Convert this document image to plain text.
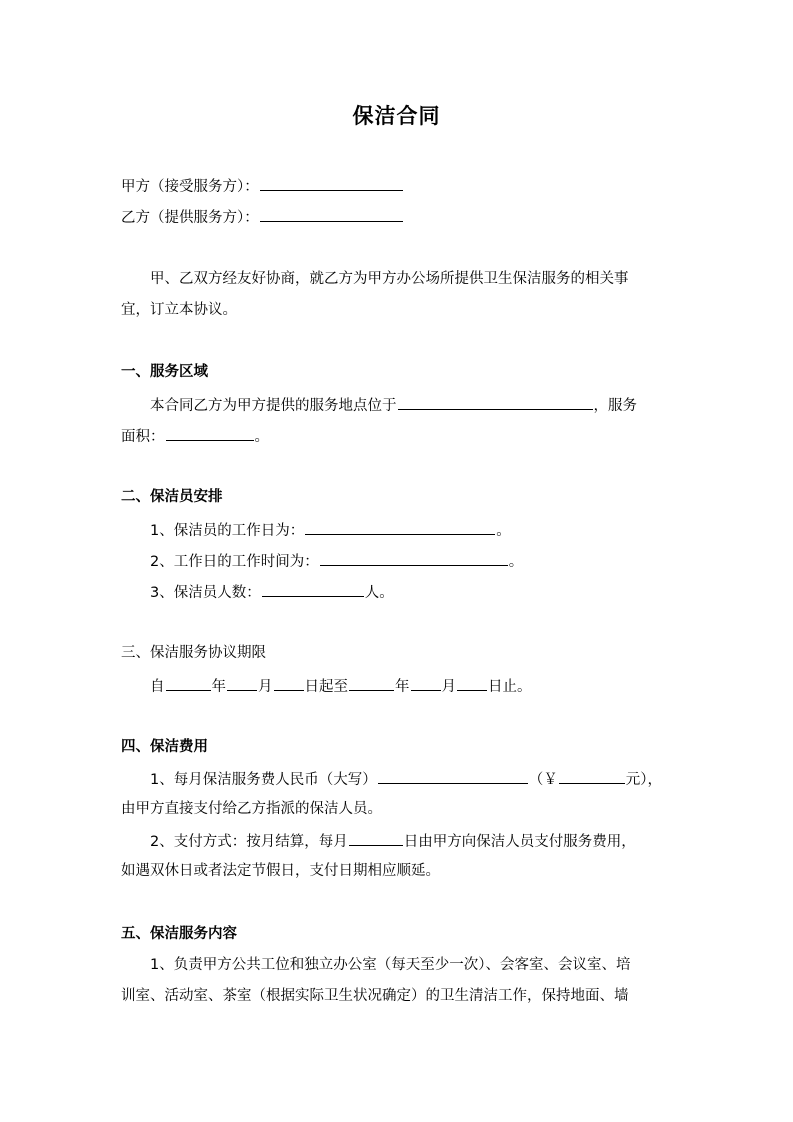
保洁合同
甲方（接受服务方）：
乙方（提供服务方）：
甲、乙双方经友好协商，就乙方为甲方办公场所提供卫生保洁服务的相关事
宜，订立本协议。
一、服务区域
本合同乙方为甲方提供的服务地点位于	，服务
面积：	。
二、保洁员安排
1、保洁员的工作日为：	。
2、工作日的工作时间为：	。
3、保洁员人数：	人。
三、保洁服务协议期限
自	年 月 日起至	年 月 日止。
四、保洁费用
1、每月保洁服务费人民币（大写）	（￥	元），
由甲方直接支付给乙方指派的保洁人员。
2、支付方式：按月结算，每月	日由甲方向保洁人员支付服务费用，
如遇双休日或者法定节假日，支付日期相应顺延。
五、保洁服务内容
1、负责甲方公共工位和独立办公室（每天至少一次）、会客室、会议室、培
训室、活动室、茶室（根据实际卫生状况确定）的卫生清洁工作，保持地面、墙
